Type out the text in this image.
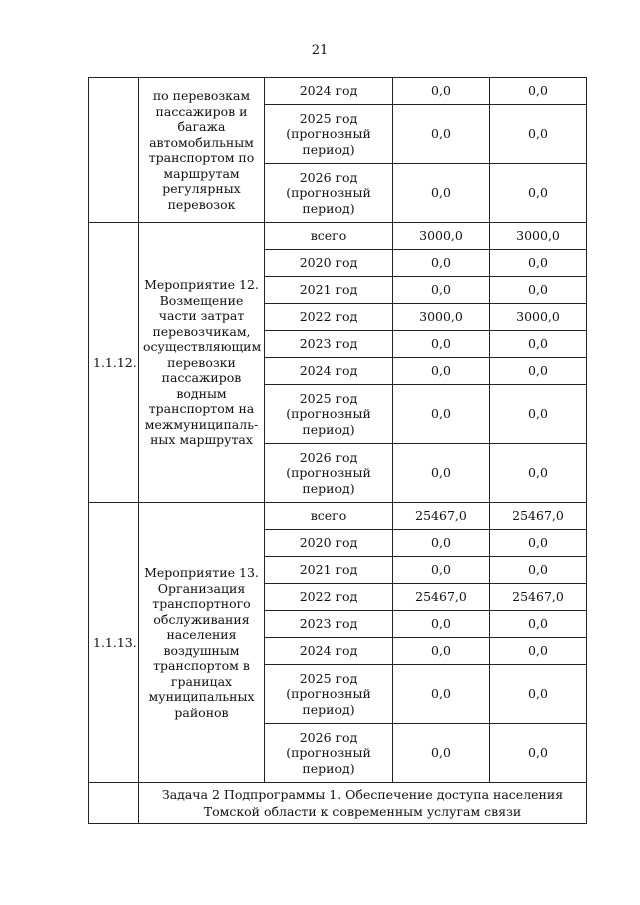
21
	по перевозкам пассажиров и багажа автомобильным транспортом по маршрутам регулярных перевозок	2024 год	0,0	0,0
		2025 год (прогнозный период)	0,0	0,0
		2026 год (прогнозный период)	0,0	0,0
1.1.12.	Мероприятие 12. Возмещение части затрат перевозчикам, осуществляющим перевозки пассажиров водным транспортом на межмуниципаль-ных маршрутах	всего	3000,0	3000,0
		2020 год	0,0	0,0
		2021 год	0,0	0,0
		2022 год	3000,0	3000,0
		2023 год	0,0	0,0
		2024 год	0,0	0,0
		2025 год (прогнозный период)	0,0	0,0
		2026 год (прогнозный период)	0,0	0,0
1.1.13.	Мероприятие 13. Организация транспортного обслуживания населения воздушным транспортом в границах муниципальных районов	всего	25467,0	25467,0
		2020 год	0,0	0,0
		2021 год	0,0	0,0
		2022 год	25467,0	25467,0
		2023 год	0,0	0,0
		2024 год	0,0	0,0
		2025 год (прогнозный период)	0,0	0,0
		2026 год (прогнозный период)	0,0	0,0
	Задача 2 Подпрограммы 1. Обеспечение доступа населения Томской области к современным услугам связи			
